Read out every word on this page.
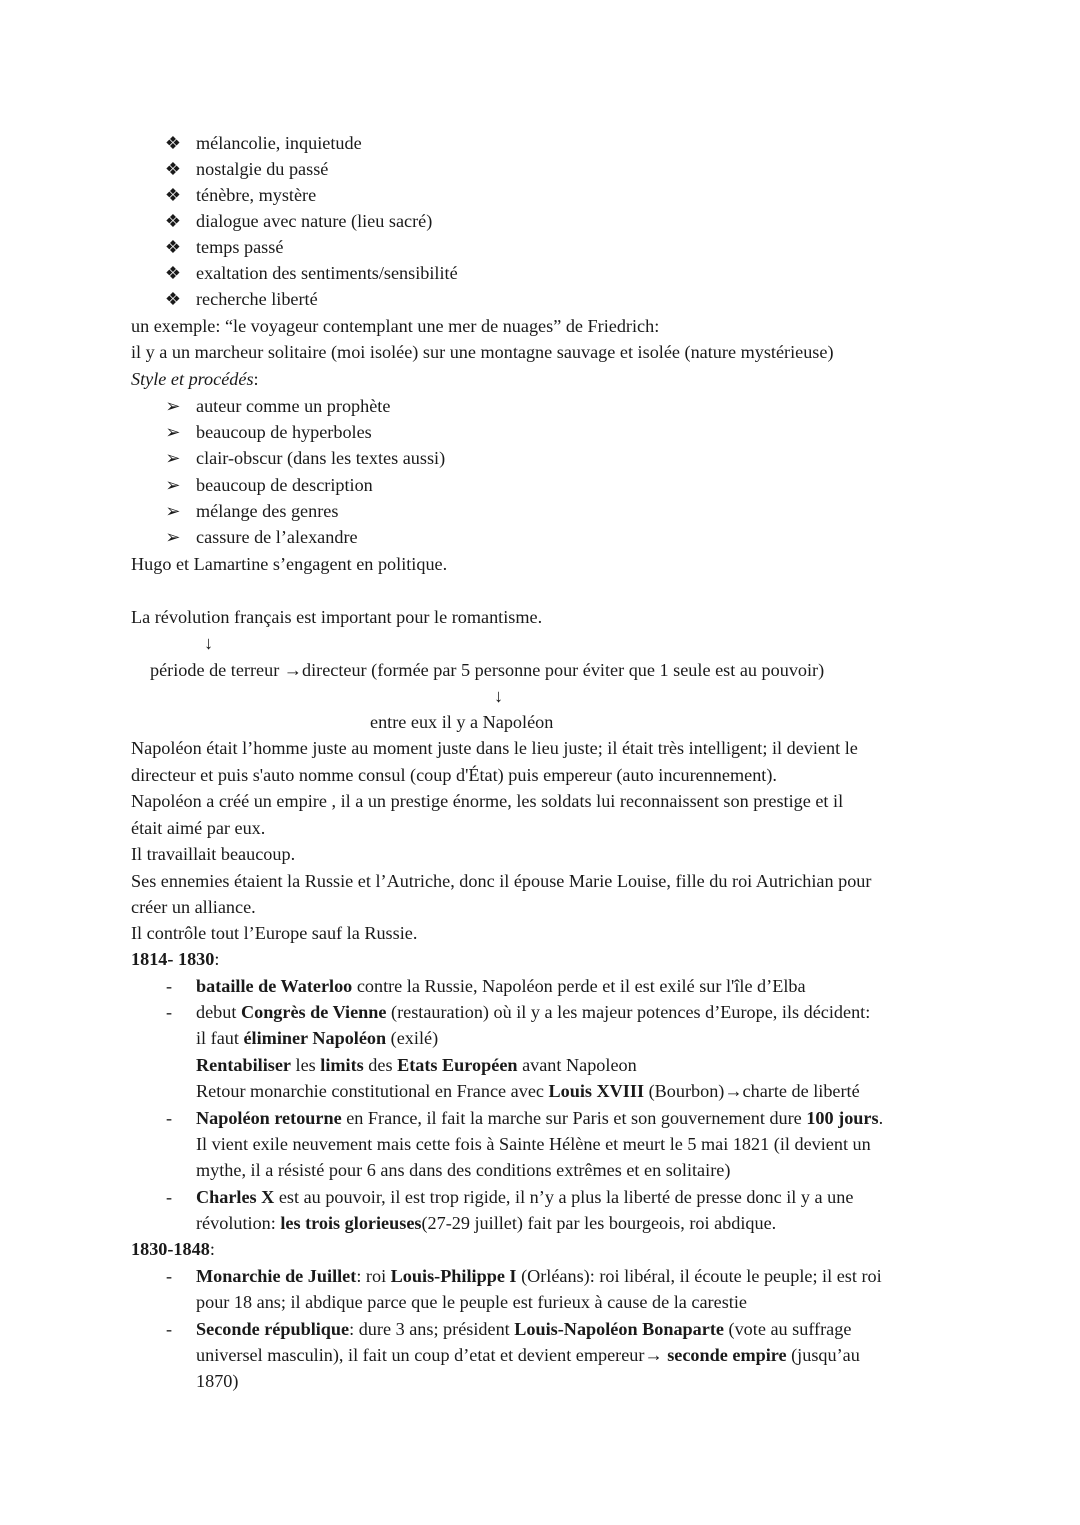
❖ mélancolie, inquietude
❖ nostalgie du passé
❖ ténèbre, mystère
❖ dialogue avec nature (lieu sacré)
❖ temps passé
❖ exaltation des sentiments/sensibilité
❖ recherche liberté
un exemple: “le voyageur contemplant une mer de nuages” de Friedrich:
il y a un marcheur solitaire (moi isolée) sur une montagne sauvage et isolée (nature mystérieuse)
Style et procédés:
➢ auteur comme un prophète
➢ beaucoup de hyperboles
➢ clair-obscur (dans les textes aussi)
➢ beaucoup de description
➢ mélange des genres
➢ cassure de l’alexandre
Hugo et Lamartine s’engagent en politique.
La révolution français est important pour le romantisme.
↓
période de terreur →directeur (formée par 5 personne pour éviter que 1 seule est au pouvoir)
↓
entre eux il y a Napoléon
Napoléon était l’homme juste au moment juste dans le lieu juste; il était très intelligent; il devient le
directeur et puis s'auto nomme consul (coup d'État) puis empereur (auto incurennement).
Napoléon a créé un empire , il a un prestige énorme, les soldats lui reconnaissent son prestige et il
était aimé par eux.
Il travaillait beaucoup.
Ses ennemies étaient la Russie et l’Autriche, donc il épouse Marie Louise, fille du roi Autrichian pour
créer un alliance.
Il contrôle tout l’Europe sauf la Russie.
1814- 1830:
-	bataille de Waterloo contre la Russie, Napoléon perde et il est exilé sur l'île d’Elba
-	debut Congrès de Vienne (restauration) où il y a les majeur potences d’Europe, ils décident:
il faut éliminer Napoléon (exilé)
Rentabiliser les limits des Etats Européen avant Napoleon
Retour monarchie constitutional en France avec Louis XVIII (Bourbon)→charte de liberté
-	Napoléon retourne en France, il fait la marche sur Paris et son gouvernement dure 100 jours.
Il vient exile neuvement mais cette fois à Sainte Hélène et meurt le 5 mai 1821 (il devient un
mythe, il a résisté pour 6 ans dans des conditions extrêmes et en solitaire)
-	Charles X est au pouvoir, il est trop rigide, il n’y a plus la liberté de presse donc il y a une
révolution: les trois glorieuses(27-29 juillet) fait par les bourgeois, roi abdique.
1830-1848:
-	Monarchie de Juillet: roi Louis-Philippe I (Orléans): roi libéral, il écoute le peuple; il est roi
pour 18 ans; il abdique parce que le peuple est furieux à cause de la carestie
-	Seconde république: dure 3 ans; président Louis-Napoléon Bonaparte (vote au suffrage
universel masculin), il fait un coup d’etat et devient empereur→ seconde empire (jusqu’au
1870)
